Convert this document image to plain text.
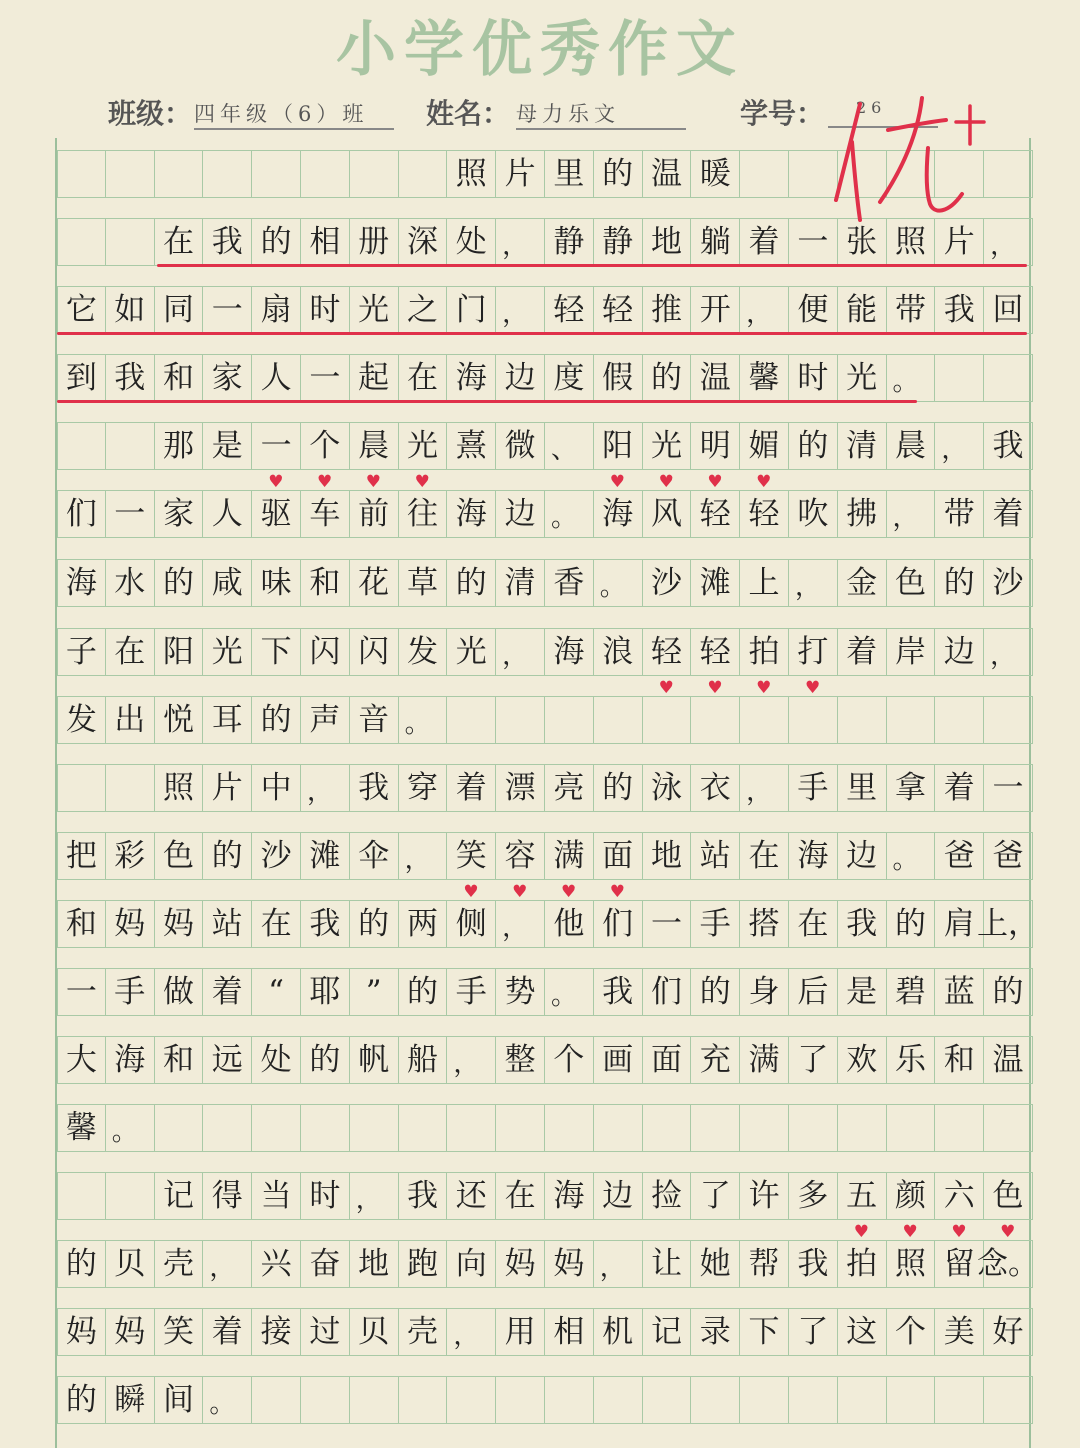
小学优秀作文
班级： 四年级（6）班	姓名： 母力乐文	学号：	26
照 片 里 的 温 暖
在 我 的 相 册 深 处 ， 静 静 地 躺 着 一 张 照 片 ，
它 如 同 一 扇 时 光 之 门 ， 轻 轻 推 开 ， 便 能 带 我 回
到 我 和 家 人 一 起 在 海 边 度 假 的 温 馨 时 光 。
那 是 一
♥
个
♥
晨
♥
光
♥
熹 微 、 阳
♥
光
♥
明
♥
媚
♥
的 清 晨 ， 我
们 一 家 人 驱 车 前 往 海 边 。 海 风 轻 轻 吹 拂 ， 带 着
海 水 的 咸 味 和 花 草 的 清 香 。 沙 滩 上 ， 金 色 的 沙
子 在 阳 光 下 闪 闪 发 光 ， 海 浪 轻
♥
轻
♥
拍
♥
打
♥
着 岸 边 ，
发 出 悦 耳 的 声 音 。
照 片 中 ， 我 穿 着 漂 亮 的 泳 衣 ， 手 里 拿 着 一
把 彩 色 的 沙 滩 伞 ， 笑
♥
容
♥
满
♥
面
♥
地 站 在 海 边 。 爸 爸
和 妈 妈 站 在 我 的 两 侧 ， 他 们 一 手 搭 在 我 的 肩 上，
一 手 做 着 “ 耶 ” 的 手 势 。 我 们 的 身 后 是 碧 蓝 的
大 海 和 远 处 的 帆 船 ， 整 个 画 面 充 满 了 欢 乐 和 温
馨 。
记 得 当 时 ， 我 还 在 海 边 捡 了 许 多 五
♥
颜
♥
六
♥
色
♥
的 贝 壳 ， 兴 奋 地 跑 向 妈 妈 ， 让 她 帮 我 拍 照 留 念。
妈 妈 笑 着 接 过 贝 壳 ， 用 相 机 记 录 下 了 这 个 美 好
的 瞬 间 。
